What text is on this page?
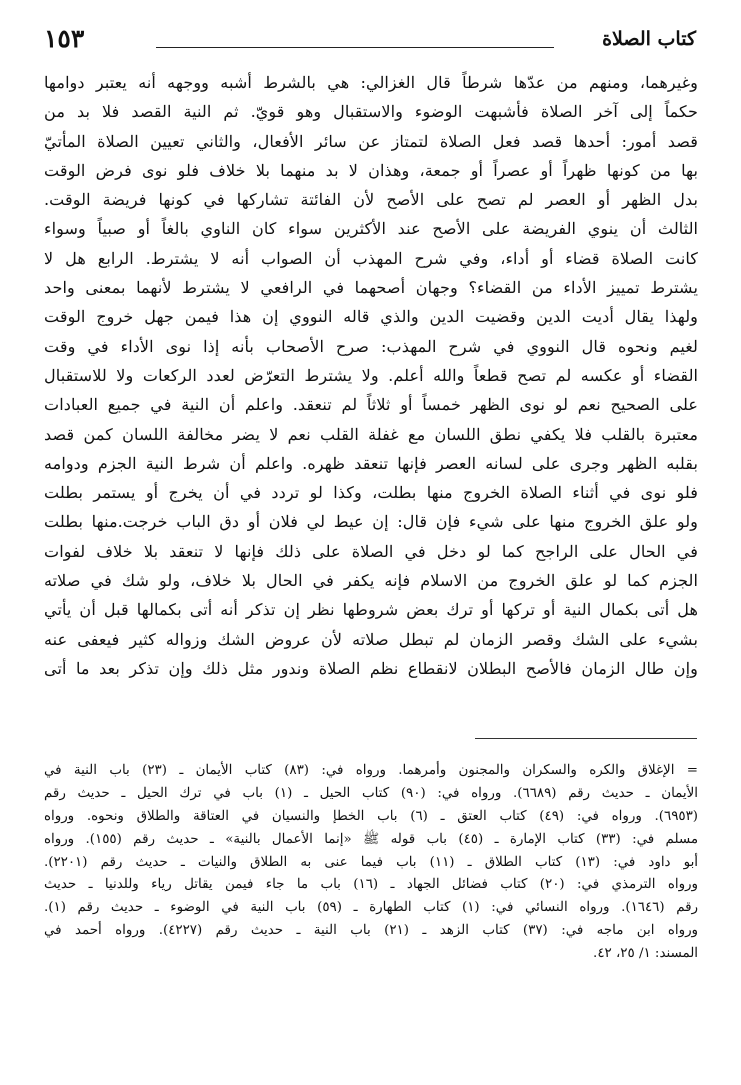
كتاب الصلاة
١٥٣
وغيرهما، ومنهم من عدّها شرطاً قال الغزالي: هي بالشرط أشبه ووجهه أنه يعتبر دوامها
حكماً إلى آخر الصلاة فأشبهت الوضوء والاستقبال وهو قويّ. ثم النية القصد فلا بد من
قصد أمور: أحدها قصد فعل الصلاة لتمتاز عن سائر الأفعال، والثاني تعيين الصلاة المأتيّ
بها من كونها ظهراً أو عصراً أو جمعة، وهذان لا بد منهما بلا خلاف فلو نوى فرض الوقت
بدل الظهر أو العصر لم تصح على الأصح لأن الفائتة تشاركها في كونها فريضة الوقت.
الثالث أن ينوي الفريضة على الأصح عند الأكثرين سواء كان الناوي بالغاً أو صبياً وسواء
كانت الصلاة قضاء أو أداء، وفي شرح المهذب أن الصواب أنه لا يشترط. الرابع هل لا
يشترط تمييز الأداء من القضاء؟ وجهان أصحهما في الرافعي لا يشترط لأنهما بمعنى واحد
ولهذا يقال أديت الدين وقضيت الدين والذي قاله النووي إن هذا فيمن جهل خروج الوقت
لغيم ونحوه قال النووي في شرح المهذب: صرح الأصحاب بأنه إذا نوى الأداء في وقت
القضاء أو عكسه لم تصح قطعاً والله أعلم. ولا يشترط التعرّض لعدد الركعات ولا للاستقبال
على الصحيح نعم لو نوى الظهر خمساً أو ثلاثاً لم تنعقد. واعلم أن النية في جميع العبادات
معتبرة بالقلب فلا يكفي نطق اللسان مع غفلة القلب نعم لا يضر مخالفة اللسان كمن قصد
بقلبه الظهر وجرى على لسانه العصر فإنها تنعقد ظهره. واعلم أن شرط النية الجزم ودوامه
فلو نوى في أثناء الصلاة الخروج منها بطلت، وكذا لو تردد في أن يخرج أو يستمر بطلت
ولو علق الخروج منها على شيء فإن قال: إن عيط لي فلان أو دق الباب خرجت.منها بطلت
في الحال على الراجح كما لو دخل في الصلاة على ذلك فإنها لا تنعقد بلا خلاف لفوات
الجزم كما لو علق الخروج من الاسلام فإنه يكفر في الحال بلا خلاف، ولو شك في صلاته
هل أتى بكمال النية أو تركها أو ترك بعض شروطها نظر إن تذكر أنه أتى بكمالها قبل أن يأتي
بشيء على الشك وقصر الزمان لم تبطل صلاته لأن عروض الشك وزواله كثير فيعفى عنه
وإن طال الزمان فالأصح البطلان لانقطاع نظم الصلاة وندور مثل ذلك وإن تذكر بعد ما أتى
= الإغلاق والكره والسكران والمجنون وأمرهما. ورواه في: (٨٣) كتاب الأيمان ـ (٢٣) باب النية في
الأيمان ـ حديث رقم (٦٦٨٩). ورواه في: (٩٠) كتاب الحيل ـ (١) باب في ترك الحيل ـ حديث رقم
(٦٩٥٣). ورواه في: (٤٩) كتاب العتق ـ (٦) باب الخطإ والنسيان في العتاقة والطلاق ونحوه. ورواه
مسلم في: (٣٣) كتاب الإمارة ـ (٤٥) باب قوله ﷺ «إنما الأعمال بالنية» ـ حديث رقم (١٥٥). ورواه
أبو داود في: (١٣) كتاب الطلاق ـ (١١) باب فيما عنى به الطلاق والنيات ـ حديث رقم (٢٢٠١).
ورواه الترمذي في: (٢٠) كتاب فضائل الجهاد ـ (١٦) باب ما جاء فيمن يقاتل رياء وللدنيا ـ حديث
رقم (١٦٤٦). ورواه النسائي في: (١) كتاب الطهارة ـ (٥٩) باب النية في الوضوء ـ حديث رقم (١).
ورواه ابن ماجه في: (٣٧) كتاب الزهد ـ (٢١) باب النية ـ حديث رقم (٤٢٢٧). ورواه أحمد في
المسند: ١/ ٢٥، ٤٢.
